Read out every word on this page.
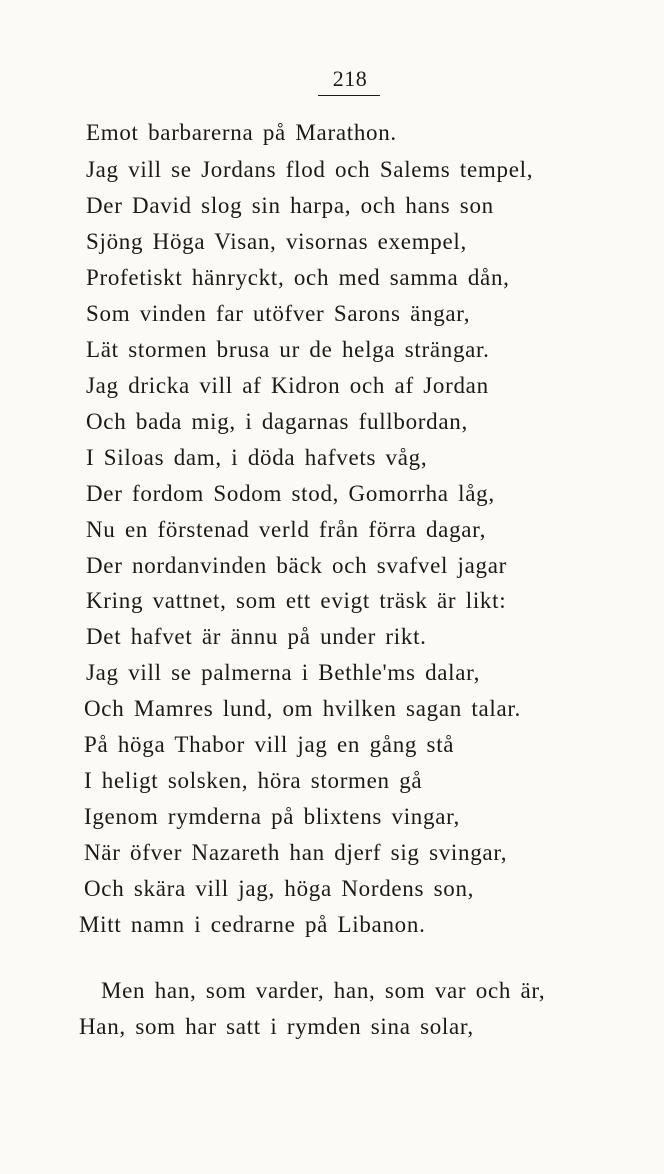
218
Emot barbarerna på Marathon.
Jag vill se Jordans flod och Salems tempel,
Der David slog sin harpa, och hans son
Sjöng Höga Visan, visornas exempel,
Profetiskt hänryckt, och med samma dån,
Som vinden far utöfver Sarons ängar,
Lät stormen brusa ur de helga strängar.
Jag dricka vill af Kidron och af Jordan
Och bada mig, i dagarnas fullbordan,
I Siloas dam, i döda hafvets våg,
Der fordom Sodom stod, Gomorrha låg,
Nu en förstenad verld från förra dagar,
Der nordanvinden bäck och svafvel jagar
Kring vattnet, som ett evigt träsk är likt:
Det hafvet är ännu på under rikt.
Jag vill se palmerna i Bethle'ms dalar,
Och Mamres lund, om hvilken sagan talar.
På höga Thabor vill jag en gång stå
I heligt solsken, höra stormen gå
Igenom rymderna på blixtens vingar,
När öfver Nazareth han djerf sig svingar,
Och skära vill jag, höga Nordens son,
Mitt namn i cedrarne på Libanon.
Men han, som varder, han, som var och är,
Han, som har satt i rymden sina solar,
